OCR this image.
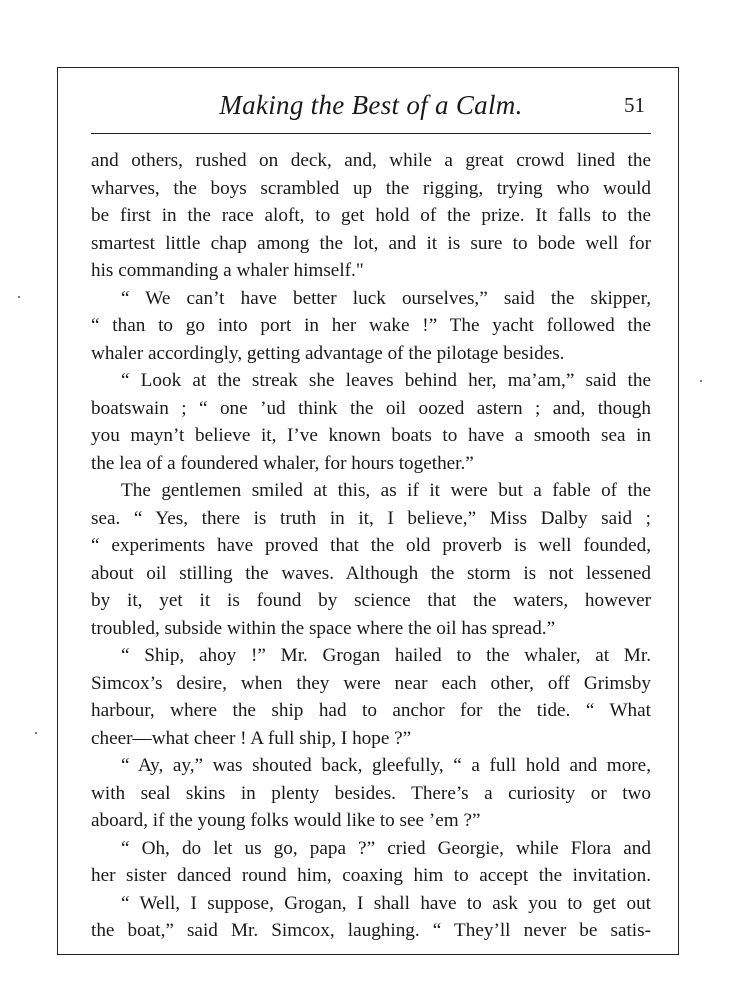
Making the Best of a Calm.	51
and others, rushed on deck, and, while a great crowd lined the
wharves, the boys scrambled up the rigging, trying who would
be first in the race aloft, to get hold of the prize. It falls to the
smartest little chap among the lot, and it is sure to bode well for
his commanding a whaler himself."
“ We can’t have better luck ourselves,” said the skipper,
“ than to go into port in her wake !” The yacht followed the
whaler accordingly, getting advantage of the pilotage besides.
“ Look at the streak she leaves behind her, ma’am,” said the
boatswain ; “ one ’ud think the oil oozed astern ; and, though
you mayn’t believe it, I’ve known boats to have a smooth sea in
the lea of a foundered whaler, for hours together.”
The gentlemen smiled at this, as if it were but a fable of the
sea. “ Yes, there is truth in it, I believe,” Miss Dalby said ;
“ experiments have proved that the old proverb is well founded,
about oil stilling the waves. Although the storm is not lessened
by it, yet it is found by science that the waters, however
troubled, subside within the space where the oil has spread.”
“ Ship, ahoy !” Mr. Grogan hailed to the whaler, at Mr.
Simcox’s desire, when they were near each other, off Grimsby
harbour, where the ship had to anchor for the tide. “ What
cheer—what cheer ! A full ship, I hope ?”
“ Ay, ay,” was shouted back, gleefully, “ a full hold and more,
with seal skins in plenty besides. There’s a curiosity or two
aboard, if the young folks would like to see ’em ?”
“ Oh, do let us go, papa ?” cried Georgie, while Flora and
her sister danced round him, coaxing him to accept the invitation.
“ Well, I suppose, Grogan, I shall have to ask you to get out
the boat,” said Mr. Simcox, laughing. “ They’ll never be satis-
